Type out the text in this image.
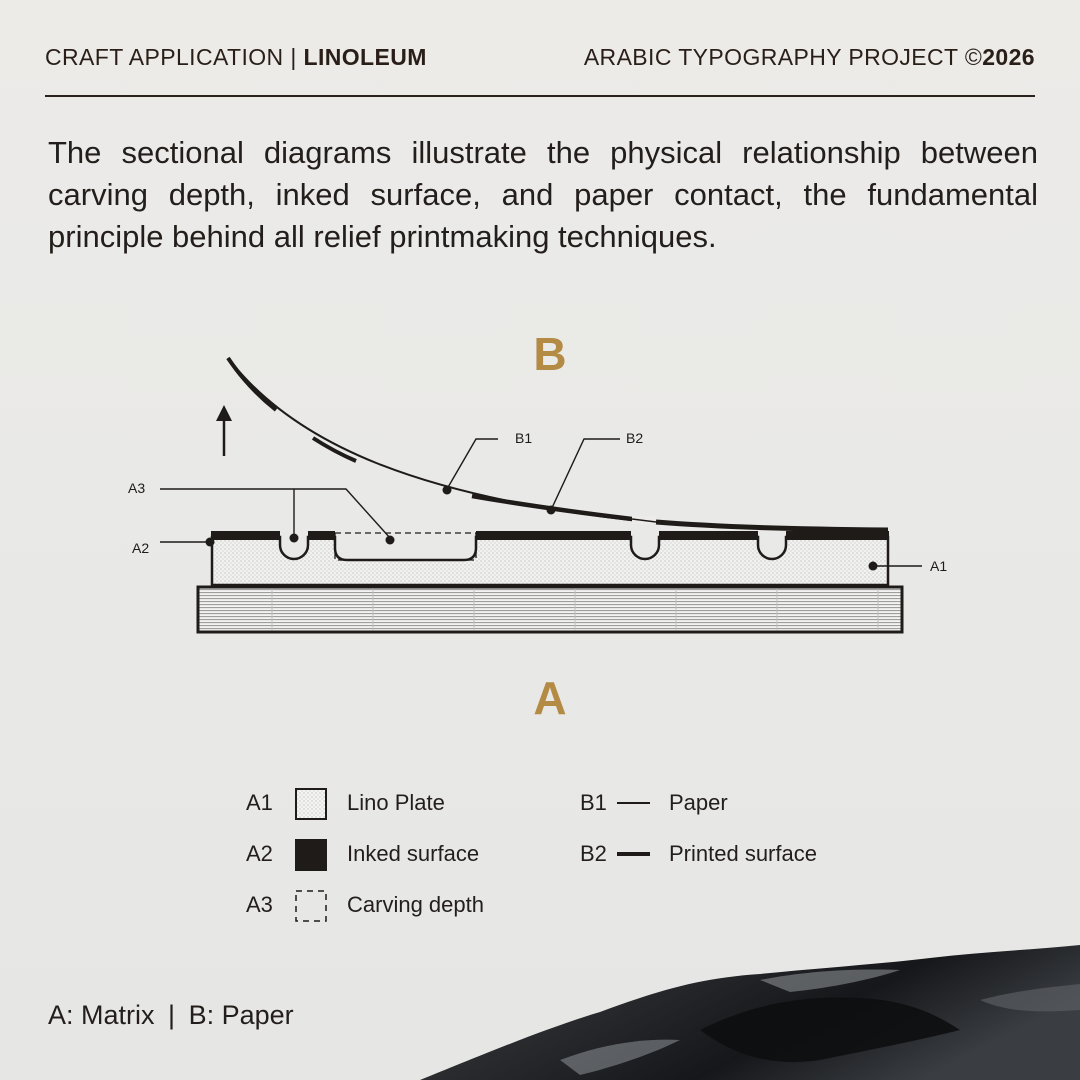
CRAFT APPLICATION | LINOLEUM	ARABIC TYPOGRAPHY PROJECT ©2026
The sectional diagrams illustrate the physical relationship between carving depth, inked surface, and paper contact, the fundamental principle behind all relief printmaking techniques.
B
A3
A2
A1
B1	B2
A
A1	Lino Plate
A2	Inked surface
A3	Carving depth
B1	Paper
B2	Printed surface
A: Matrix | B: Paper
